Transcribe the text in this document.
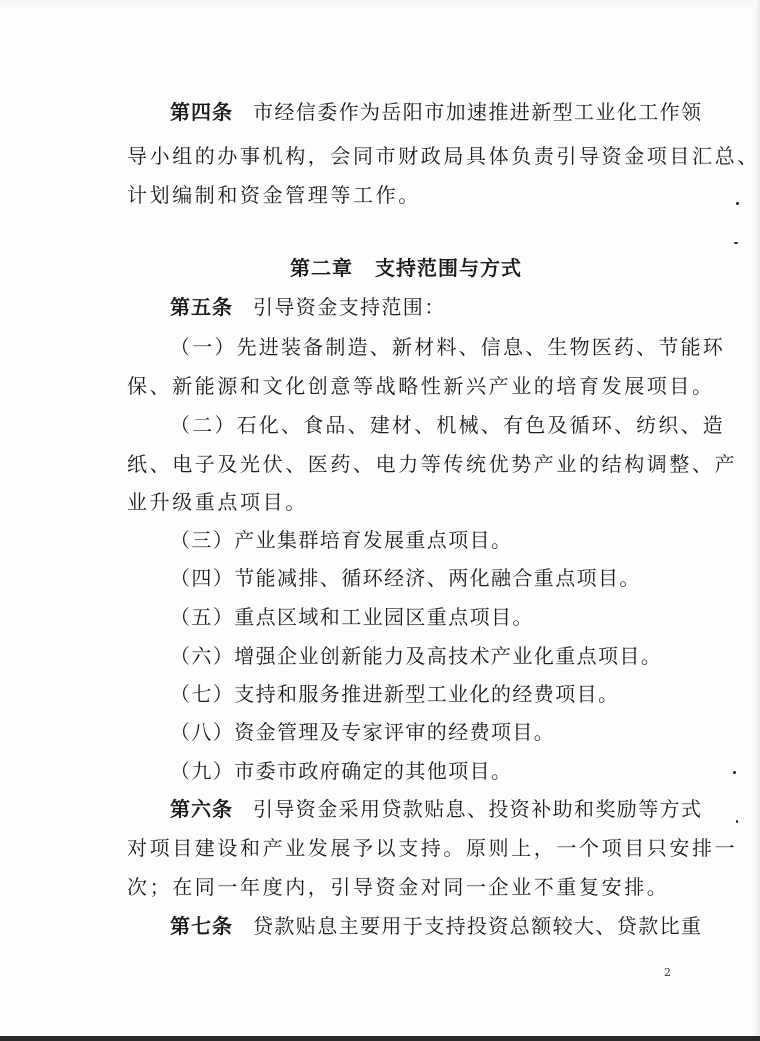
第四条 市经信委作为岳阳市加速推进新型工业化工作领
导小组的办事机构，会同市财政局具体负责引导资金项目汇总、
计划编制和资金管理等工作。
第二章 支持范围与方式
第五条 引导资金支持范围：
（一）先进装备制造、新材料、信息、生物医药、节能环
保、新能源和文化创意等战略性新兴产业的培育发展项目。
（二）石化、食品、建材、机械、有色及循环、纺织、造
纸、电子及光伏、医药、电力等传统优势产业的结构调整、产
业升级重点项目。
（三）产业集群培育发展重点项目。
（四）节能减排、循环经济、两化融合重点项目。
（五）重点区域和工业园区重点项目。
（六）增强企业创新能力及高技术产业化重点项目。
（七）支持和服务推进新型工业化的经费项目。
（八）资金管理及专家评审的经费项目。
（九）市委市政府确定的其他项目。
第六条 引导资金采用贷款贴息、投资补助和奖励等方式
对项目建设和产业发展予以支持。原则上，一个项目只安排一
次；在同一年度内，引导资金对同一企业不重复安排。
第七条 贷款贴息主要用于支持投资总额较大、贷款比重
2
